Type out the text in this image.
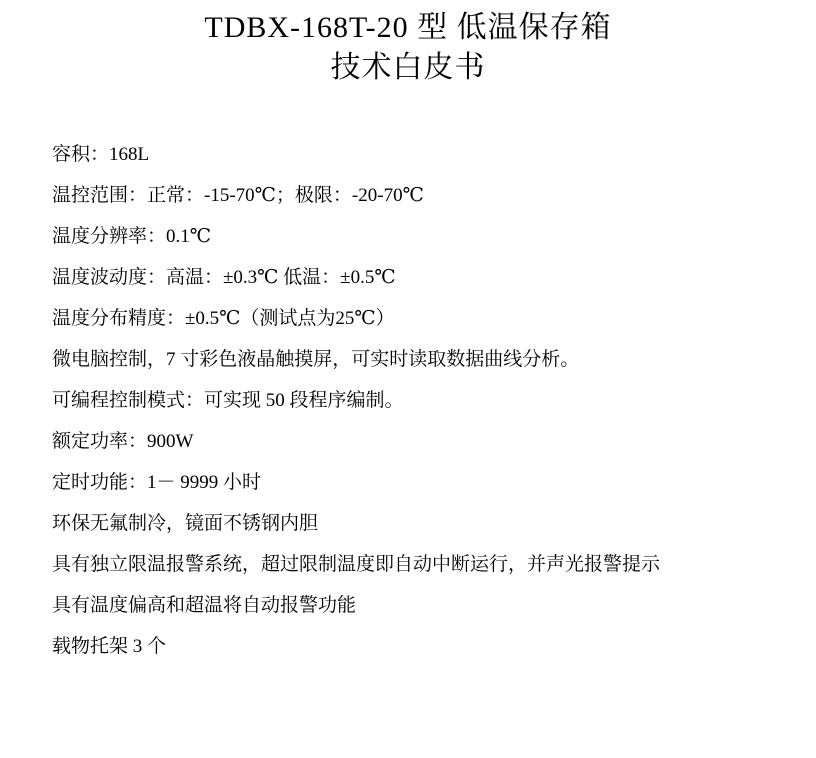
TDBX-168T-20 型 低温保存箱
技术白皮书
容积：168L
温控范围：正常：-15-70℃；极限：-20-70℃
温度分辨率：0.1℃
温度波动度：高温：±0.3℃ 低温：±0.5℃
温度分布精度：±0.5℃（测试点为25℃）
微电脑控制，7 寸彩色液晶触摸屏，可实时读取数据曲线分析。
可编程控制模式：可实现 50 段程序编制。
额定功率：900W
定时功能：1－ 9999 小时
环保无氟制冷，镜面不锈钢内胆
具有独立限温报警系统，超过限制温度即自动中断运行，并声光报警提示
具有温度偏高和超温将自动报警功能
载物托架 3 个
